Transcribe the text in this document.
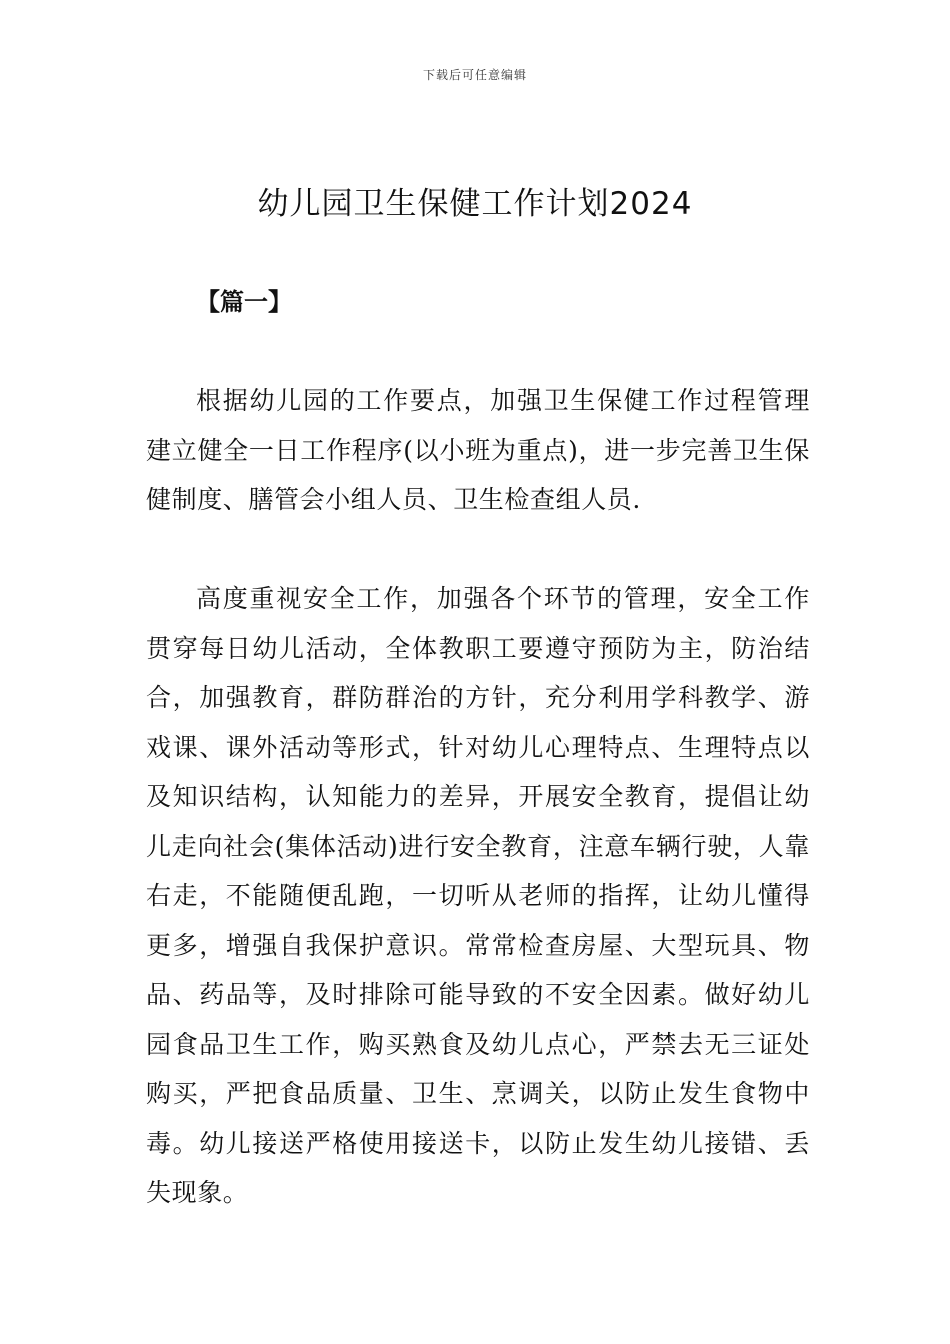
下载后可任意编辑
幼儿园卫生保健工作计划2024
【篇一】

根据幼儿园的工作要点，加强卫生保健工作过程管理建立健全一日工作程序(以小班为重点)，进一步完善卫生保健制度、膳管会小组人员、卫生检查组人员.

高度重视安全工作，加强各个环节的管理，安全工作贯穿每日幼儿活动，全体教职工要遵守预防为主，防治结合，加强教育，群防群治的方针，充分利用学科教学、游戏课、课外活动等形式，针对幼儿心理特点、生理特点以及知识结构，认知能力的差异，开展安全教育，提倡让幼儿走向社会(集体活动)进行安全教育，注意车辆行驶，人靠右走，不能随便乱跑，一切听从老师的指挥，让幼儿懂得更多，增强自我保护意识。常常检查房屋、大型玩具、物品、药品等，及时排除可能导致的不安全因素。做好幼儿园食品卫生工作，购买熟食及幼儿点心，严禁去无三证处购买，严把食品质量、卫生、烹调关，以防止发生食物中毒。幼儿接送严格使用接送卡，以防止发生幼儿接错、丢失现象。
